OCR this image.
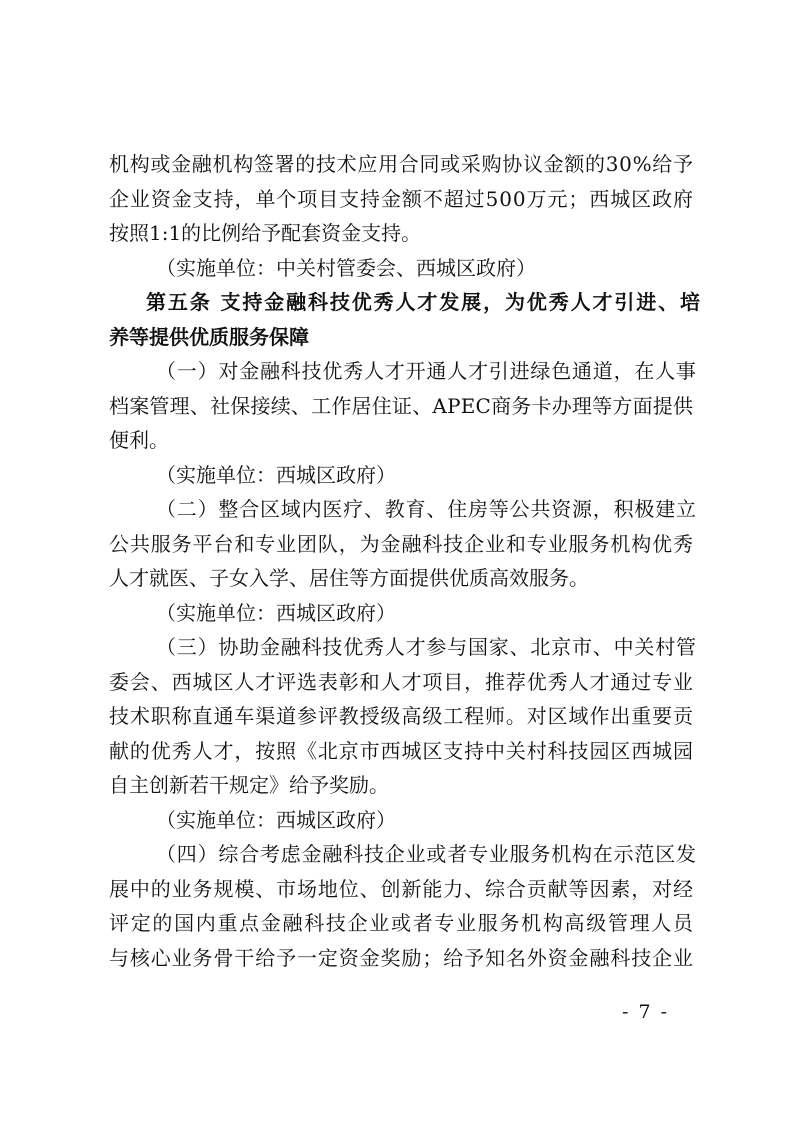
机构或金融机构签署的技术应用合同或采购协议金额的30%给予
企业资金支持，单个项目支持金额不超过500万元；西城区政府
按照1:1的比例给予配套资金支持。
（实施单位：中关村管委会、西城区政府）
第五条 支持金融科技优秀人才发展，为优秀人才引进、培
养等提供优质服务保障
（一）对金融科技优秀人才开通人才引进绿色通道，在人事
档案管理、社保接续、工作居住证、APEC商务卡办理等方面提供
便利。
（实施单位：西城区政府）
（二）整合区域内医疗、教育、住房等公共资源，积极建立
公共服务平台和专业团队，为金融科技企业和专业服务机构优秀
人才就医、子女入学、居住等方面提供优质高效服务。
（实施单位：西城区政府）
（三）协助金融科技优秀人才参与国家、北京市、中关村管
委会、西城区人才评选表彰和人才项目，推荐优秀人才通过专业
技术职称直通车渠道参评教授级高级工程师。对区域作出重要贡
献的优秀人才，按照《北京市西城区支持中关村科技园区西城园
自主创新若干规定》给予奖励。
（实施单位：西城区政府）
（四）综合考虑金融科技企业或者专业服务机构在示范区发
展中的业务规模、市场地位、创新能力、综合贡献等因素，对经
评定的国内重点金融科技企业或者专业服务机构高级管理人员
与核心业务骨干给予一定资金奖励；给予知名外资金融科技企业
- 7 -
